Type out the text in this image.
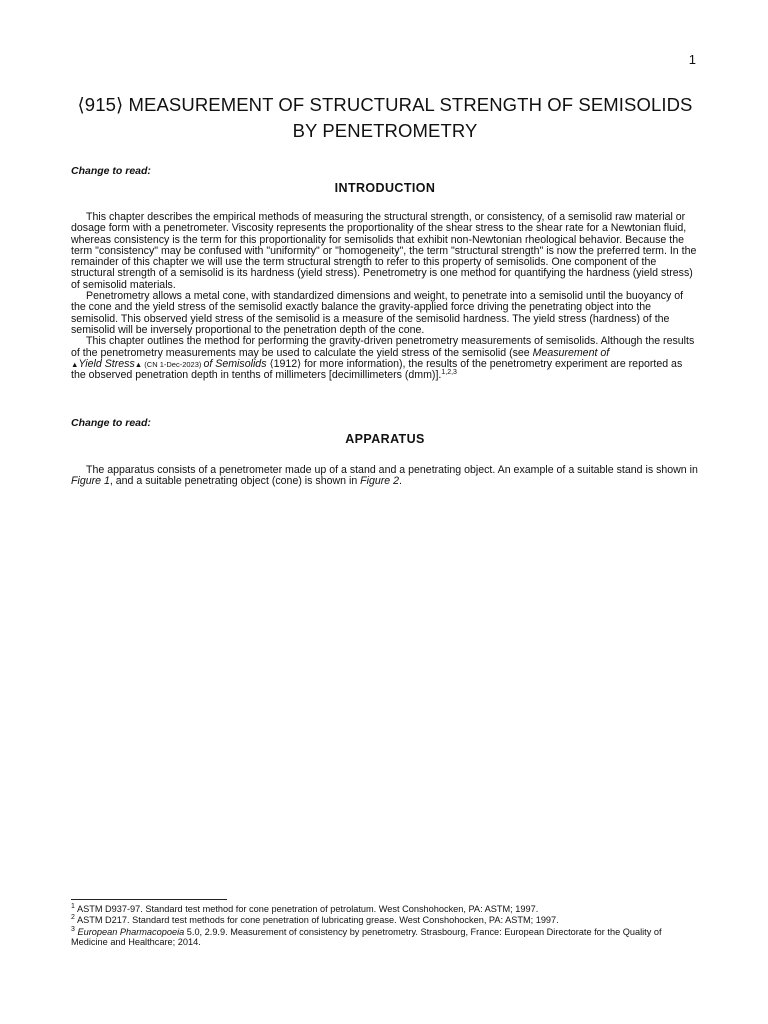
1
⟨915⟩ MEASUREMENT OF STRUCTURAL STRENGTH OF SEMISOLIDS BY PENETROMETRY
Change to read:
INTRODUCTION

This chapter describes the empirical methods of measuring the structural strength, or consistency, of a semisolid raw material or dosage form with a penetrometer. Viscosity represents the proportionality of the shear stress to the shear rate for a Newtonian fluid, whereas consistency is the term for this proportionality for semisolids that exhibit non-Newtonian rheological behavior. Because the term "consistency" may be confused with "uniformity" or "homogeneity", the term "structural strength" is now the preferred term. In the remainder of this chapter we will use the term structural strength to refer to this property of semisolids. One component of the structural strength of a semisolid is its hardness (yield stress). Penetrometry is one method for quantifying the hardness (yield stress) of semisolid materials.

Penetrometry allows a metal cone, with standardized dimensions and weight, to penetrate into a semisolid until the buoyancy of the cone and the yield stress of the semisolid exactly balance the gravity-applied force driving the penetrating object into the semisolid. This observed yield stress of the semisolid is a measure of the semisolid hardness. The yield stress (hardness) of the semisolid will be inversely proportional to the penetration depth of the cone.

This chapter outlines the method for performing the gravity-driven penetrometry measurements of semisolids. Although the results of the penetrometry measurements may be used to calculate the yield stress of the semisolid (see Measurement of
▲Yield Stress▲ (CN 1-Dec-2023) of Semisolids ⟨1912⟩ for more information), the results of the penetrometry experiment are reported as the observed penetration depth in tenths of millimeters [decimillimeters (dmm)].$^{1,2,3}$

Change to read:
APPARATUS

The apparatus consists of a penetrometer made up of a stand and a penetrating object. An example of a suitable stand is shown in Figure 1, and a suitable penetrating object (cone) is shown in Figure 2.

$^1$ ASTM D937-97. Standard test method for cone penetration of petrolatum. West Conshohocken, PA: ASTM; 1997.
$^2$ ASTM D217. Standard test methods for cone penetration of lubricating grease. West Conshohocken, PA: ASTM; 1997.
$^3$ European Pharmacopoeia 5.0, 2.9.9. Measurement of consistency by penetrometry. Strasbourg, France: European Directorate for the Quality of Medicine and Healthcare; 2014.
